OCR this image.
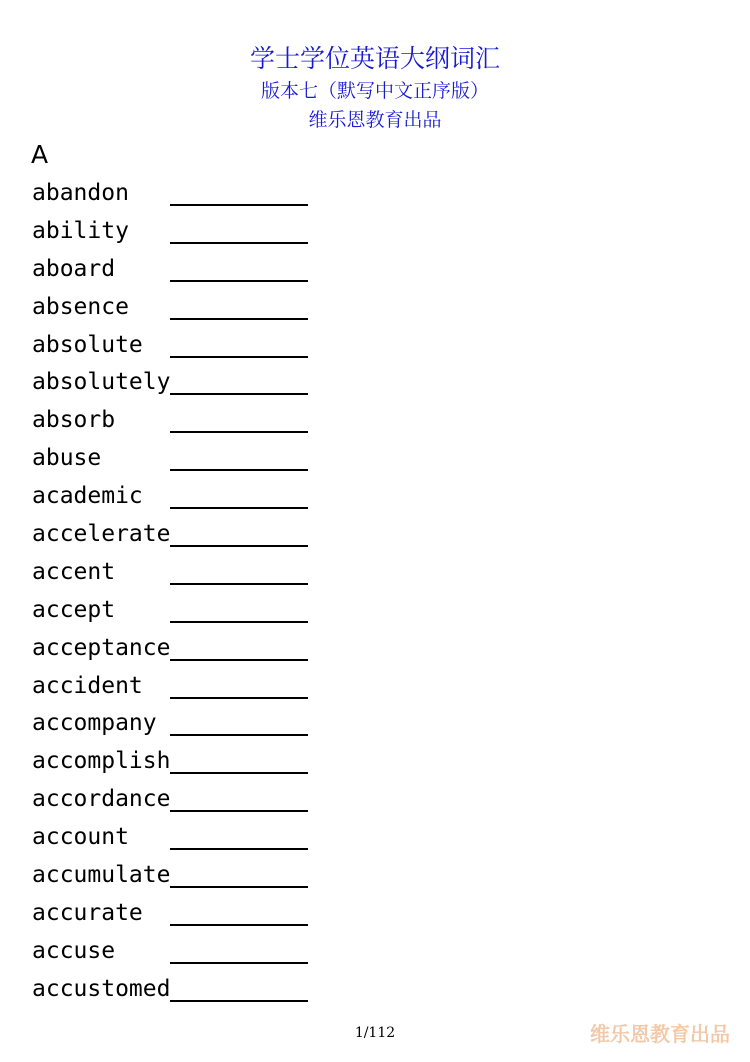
学士学位英语大纲词汇
版本七（默写中文正序版）
维乐恩教育出品
A
abandon
ability
aboard
absence
absolute
absolutely
absorb
abuse
academic
accelerate
accent
accept
acceptance
accident
accompany
accomplish
accordance
account
accumulate
accurate
accuse
accustomed
1/112	维乐恩教育出品
